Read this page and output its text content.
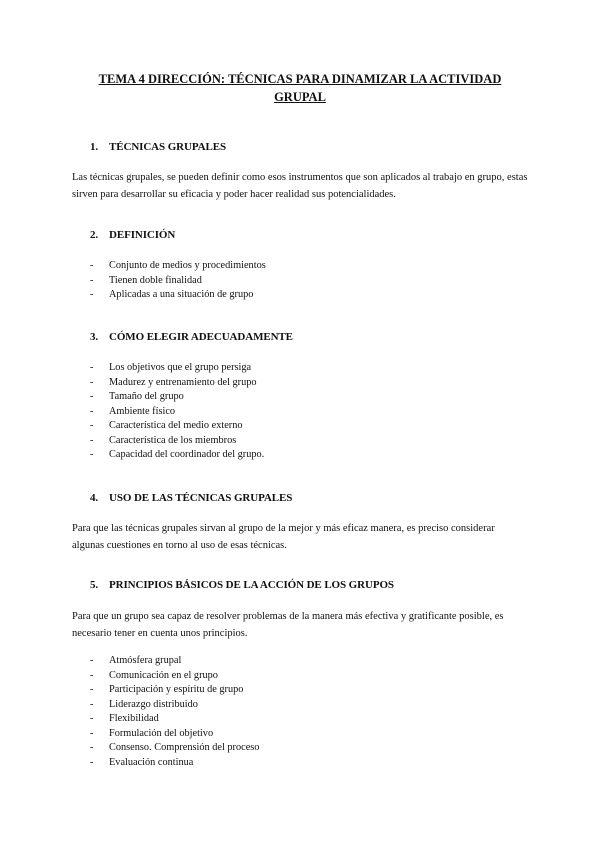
TEMA 4 DIRECCIÓN: TÉCNICAS PARA DINAMIZAR LA ACTIVIDAD GRUPAL
1. TÉCNICAS GRUPALES
Las técnicas grupales, se pueden definir como esos instrumentos que son aplicados al trabajo en grupo, estas sirven para desarrollar su eficacia y poder hacer realidad sus potencialidades.
2. DEFINICIÓN
- Conjunto de medios y procedimientos
- Tienen doble finalidad
- Aplicadas a una situación de grupo
3. CÓMO ELEGIR ADECUADAMENTE
- Los objetivos que el grupo persiga
- Madurez y entrenamiento del grupo
- Tamaño del grupo
- Ambiente físico
- Característica del medio externo
- Característica de los miembros
- Capacidad del coordinador del grupo.
4. USO DE LAS TÉCNICAS GRUPALES
Para que las técnicas grupales sirvan al grupo de la mejor y más eficaz manera, es preciso considerar algunas cuestiones en torno al uso de esas técnicas.
5. PRINCIPIOS BÁSICOS DE LA ACCIÓN DE LOS GRUPOS
Para que un grupo sea capaz de resolver problemas de la manera más efectiva y gratificante posible, es necesario tener en cuenta unos principios.
- Atmósfera grupal
- Comunicación en el grupo
- Participación y espíritu de grupo
- Liderazgo distribuido
- Flexibilidad
- Formulación del objetivo
- Consenso. Comprensión del proceso
- Evaluación continua
